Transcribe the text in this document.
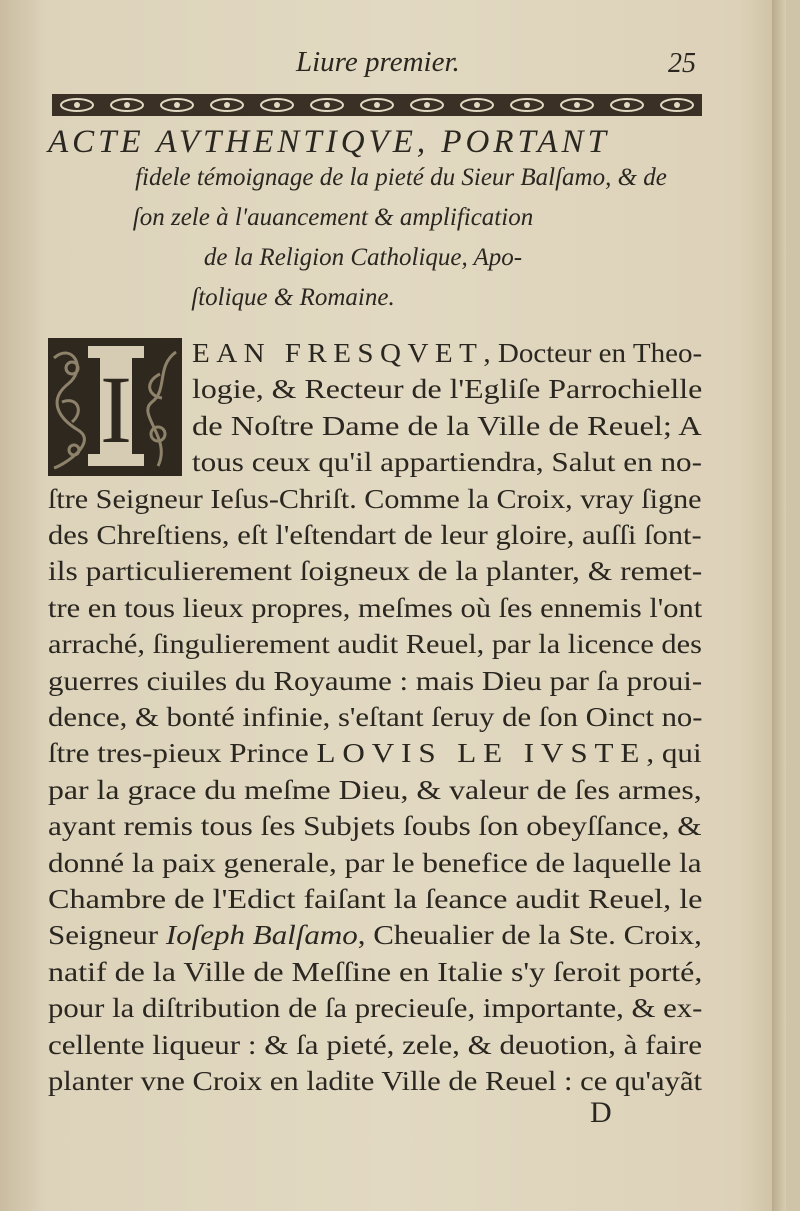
Liure premier.	25
ACTE AVTHENTIQVE, PORTANT
fidele témoignage de la pieté du Sieur Balſamo, & de
ſon zele à l'auancement & amplification
de la Religion Catholique, Apo-
ſtolique & Romaine.
I
EAN FRESQVET, Docteur en Theo-
logie, & Recteur de l'Egliſe Parrochielle
de Noſtre Dame de la Ville de Reuel; A
tous ceux qu'il appartiendra, Salut en no-
ſtre Seigneur Ieſus-Chriſt. Comme la Croix, vray ſigne
des Chreſtiens, eſt l'eſtendart de leur gloire, auſſi ſont-
ils particulierement ſoigneux de la planter, & remet-
tre en tous lieux propres, meſmes où ſes ennemis l'ont
arraché, ſingulierement audit Reuel, par la licence des
guerres ciuiles du Royaume : mais Dieu par ſa proui-
dence, & bonté infinie, s'eſtant ſeruy de ſon Oinct no-
ſtre tres-pieux Prince LOVIS LE IVSTE, qui
par la grace du meſme Dieu, & valeur de ſes armes,
ayant remis tous ſes Subjets ſoubs ſon obeyſſance, &
donné la paix generale, par le benefice de laquelle la
Chambre de l'Edict faiſant la ſeance audit Reuel, le
Seigneur Ioſeph Balſamo, Cheualier de la Ste. Croix,
natif de la Ville de Meſſine en Italie s'y ſeroit porté,
pour la diſtribution de ſa precieuſe, importante, & ex-
cellente liqueur : & ſa pieté, zele, & deuotion, à faire
planter vne Croix en ladite Ville de Reuel : ce qu'ayãt
D
